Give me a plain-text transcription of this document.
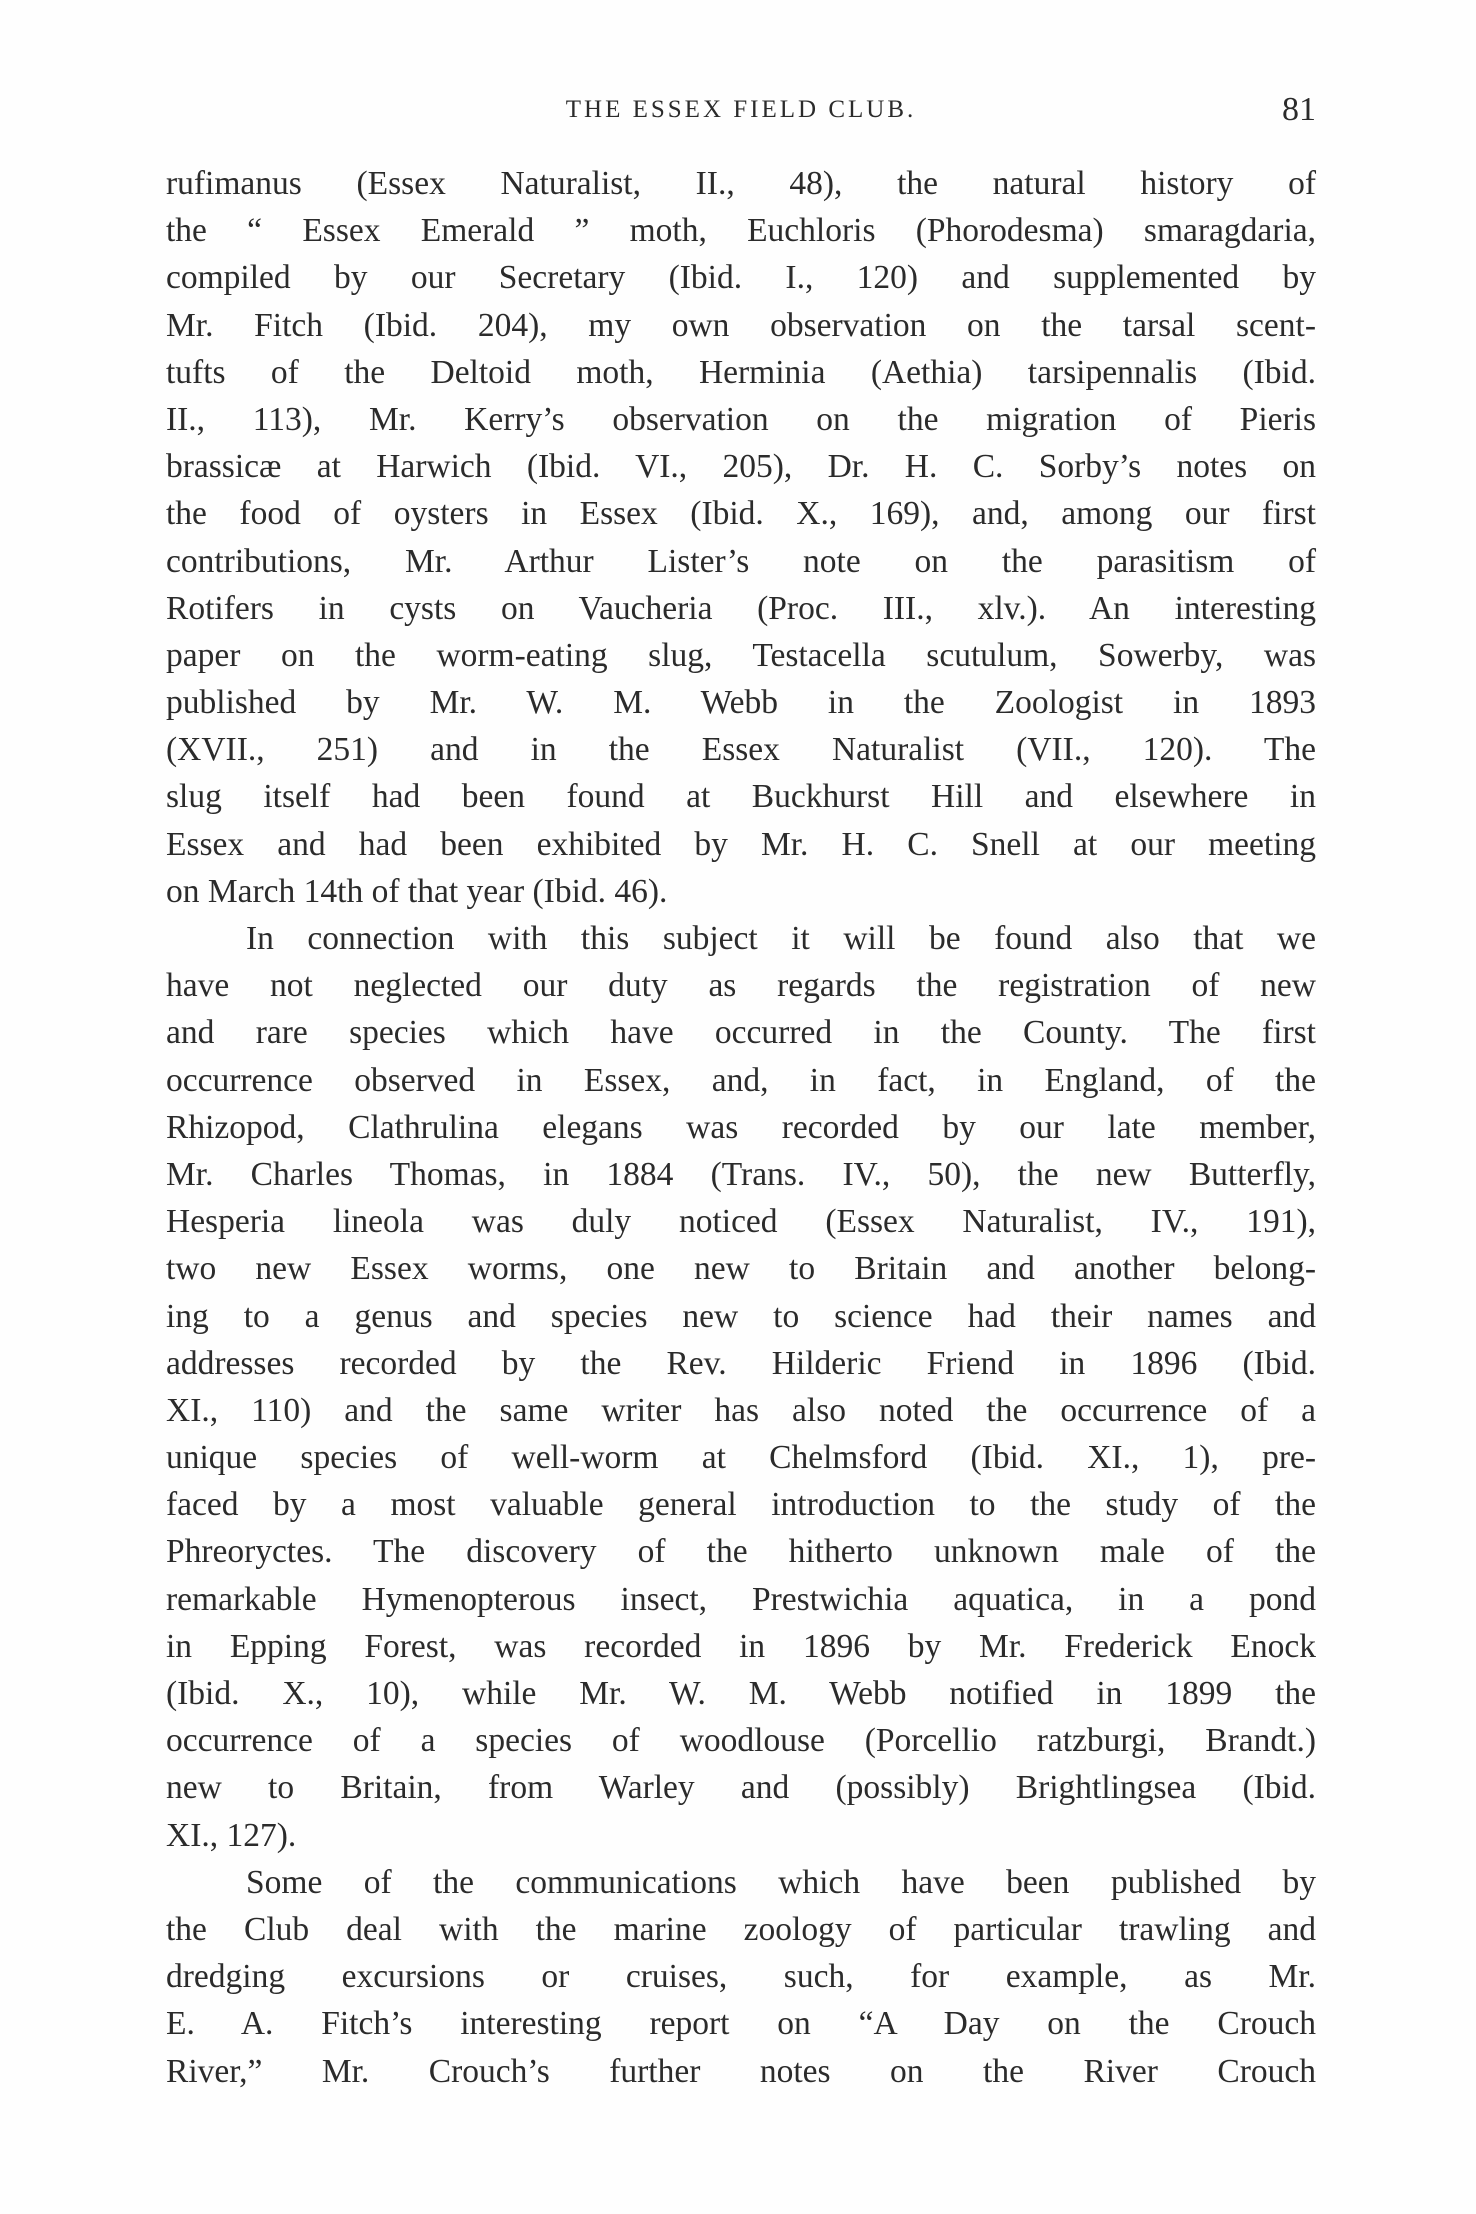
THE ESSEX FIELD CLUB.	81
rufimanus (Essex Naturalist, II., 48), the natural history of
the “ Essex Emerald ” moth, Euchloris (Phorodesma) smaragdaria,
compiled by our Secretary (Ibid. I., 120) and supplemented by
Mr. Fitch (Ibid. 204), my own observation on the tarsal scent-
tufts of the Deltoid moth, Herminia (Aethia) tarsipennalis (Ibid.
II., 113), Mr. Kerry’s observation on the migration of Pieris
brassicæ at Harwich (Ibid. VI., 205), Dr. H. C. Sorby’s notes on
the food of oysters in Essex (Ibid. X., 169), and, among our first
contributions, Mr. Arthur Lister’s note on the parasitism of
Rotifers in cysts on Vaucheria (Proc. III., xlv.). An interesting
paper on the worm-eating slug, Testacella scutulum, Sowerby, was
published by Mr. W. M. Webb in the Zoologist in 1893
(XVII., 251) and in the Essex Naturalist (VII., 120). The
slug itself had been found at Buckhurst Hill and elsewhere in
Essex and had been exhibited by Mr. H. C. Snell at our meeting
on March 14th of that year (Ibid. 46).
In connection with this subject it will be found also that we
have not neglected our duty as regards the registration of new
and rare species which have occurred in the County. The first
occurrence observed in Essex, and, in fact, in England, of the
Rhizopod, Clathrulina elegans was recorded by our late member,
Mr. Charles Thomas, in 1884 (Trans. IV., 50), the new Butterfly,
Hesperia lineola was duly noticed (Essex Naturalist, IV., 191),
two new Essex worms, one new to Britain and another belong-
ing to a genus and species new to science had their names and
addresses recorded by the Rev. Hilderic Friend in 1896 (Ibid.
XI., 110) and the same writer has also noted the occurrence of a
unique species of well-worm at Chelmsford (Ibid. XI., 1), pre-
faced by a most valuable general introduction to the study of the
Phreoryctes. The discovery of the hitherto unknown male of the
remarkable Hymenopterous insect, Prestwichia aquatica, in a pond
in Epping Forest, was recorded in 1896 by Mr. Frederick Enock
(Ibid. X., 10), while Mr. W. M. Webb notified in 1899 the
occurrence of a species of woodlouse (Porcellio ratzburgi, Brandt.)
new to Britain, from Warley and (possibly) Brightlingsea (Ibid.
XI., 127).
Some of the communications which have been published by
the Club deal with the marine zoology of particular trawling and
dredging excursions or cruises, such, for example, as Mr.
E. A. Fitch’s interesting report on “A Day on the Crouch
River,” Mr. Crouch’s further notes on the River Crouch
